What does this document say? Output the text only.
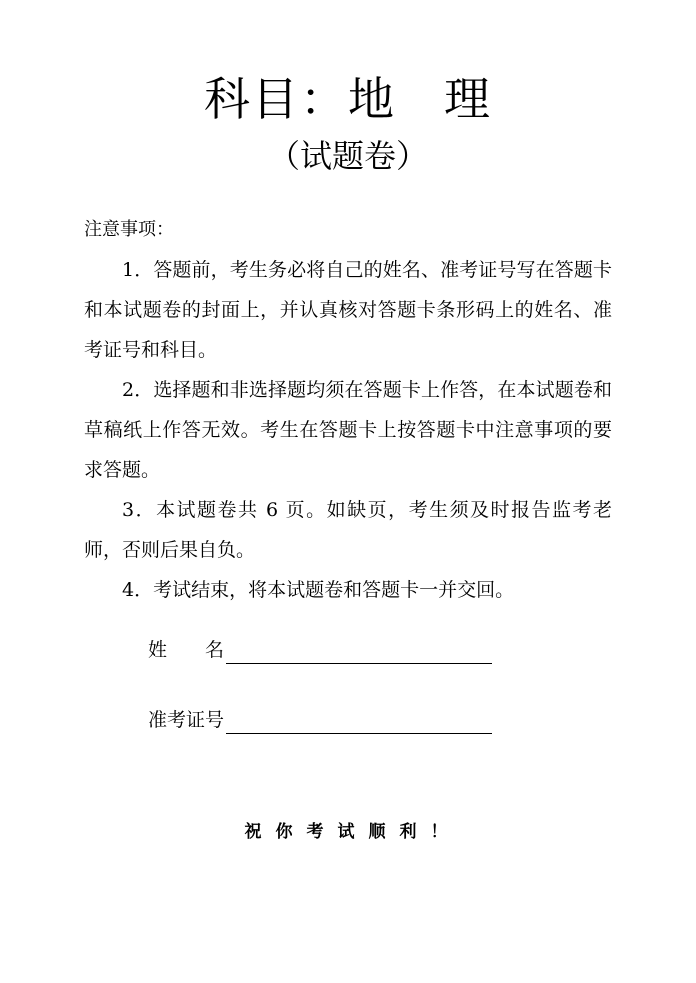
科目：地　理
（试题卷）
注意事项：

1．答题前，考生务必将自己的姓名、准考证号写在答题卡和本试题卷的封面上，并认真核对答题卡条形码上的姓名、准考证号和科目。

2．选择题和非选择题均须在答题卡上作答，在本试题卷和草稿纸上作答无效。考生在答题卡上按答题卡中注意事项的要求答题。

3．本试题卷共 6 页。如缺页，考生须及时报告监考老师，否则后果自负。

4．考试结束，将本试题卷和答题卡一并交回。

姓　　名
准考证号
祝你考试顺利！
